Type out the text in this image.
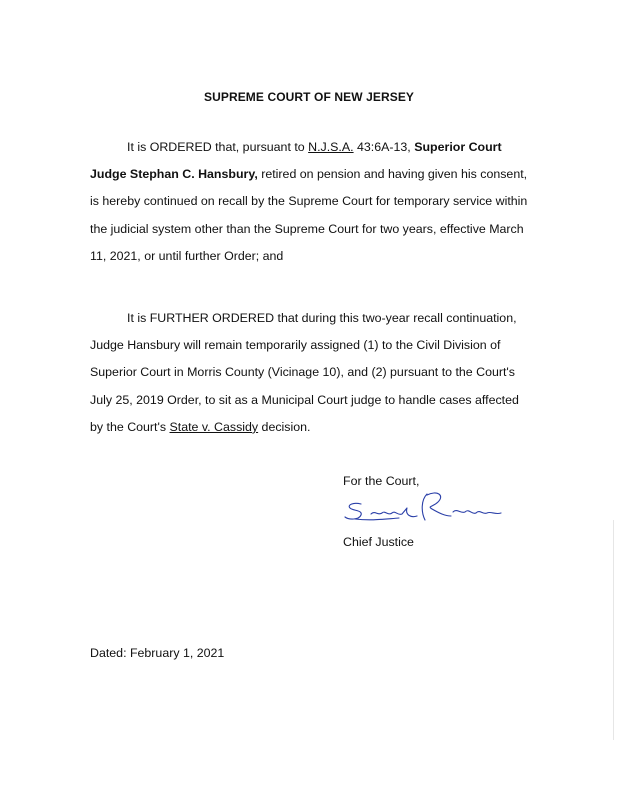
SUPREME COURT OF NEW JERSEY

It is ORDERED that, pursuant to N.J.S.A. 43:6A-13, Superior Court Judge Stephan C. Hansbury, retired on pension and having given his consent, is hereby continued on recall by the Supreme Court for temporary service within the judicial system other than the Supreme Court for two years, effective March 11, 2021, or until further Order; and

It is FURTHER ORDERED that during this two-year recall continuation, Judge Hansbury will remain temporarily assigned (1) to the Civil Division of Superior Court in Morris County (Vicinage 10), and (2) pursuant to the Court's July 25, 2019 Order, to sit as a Municipal Court judge to handle cases affected by the Court's State v. Cassidy decision.

For the Court,
Chief Justice
Dated: February 1, 2021
